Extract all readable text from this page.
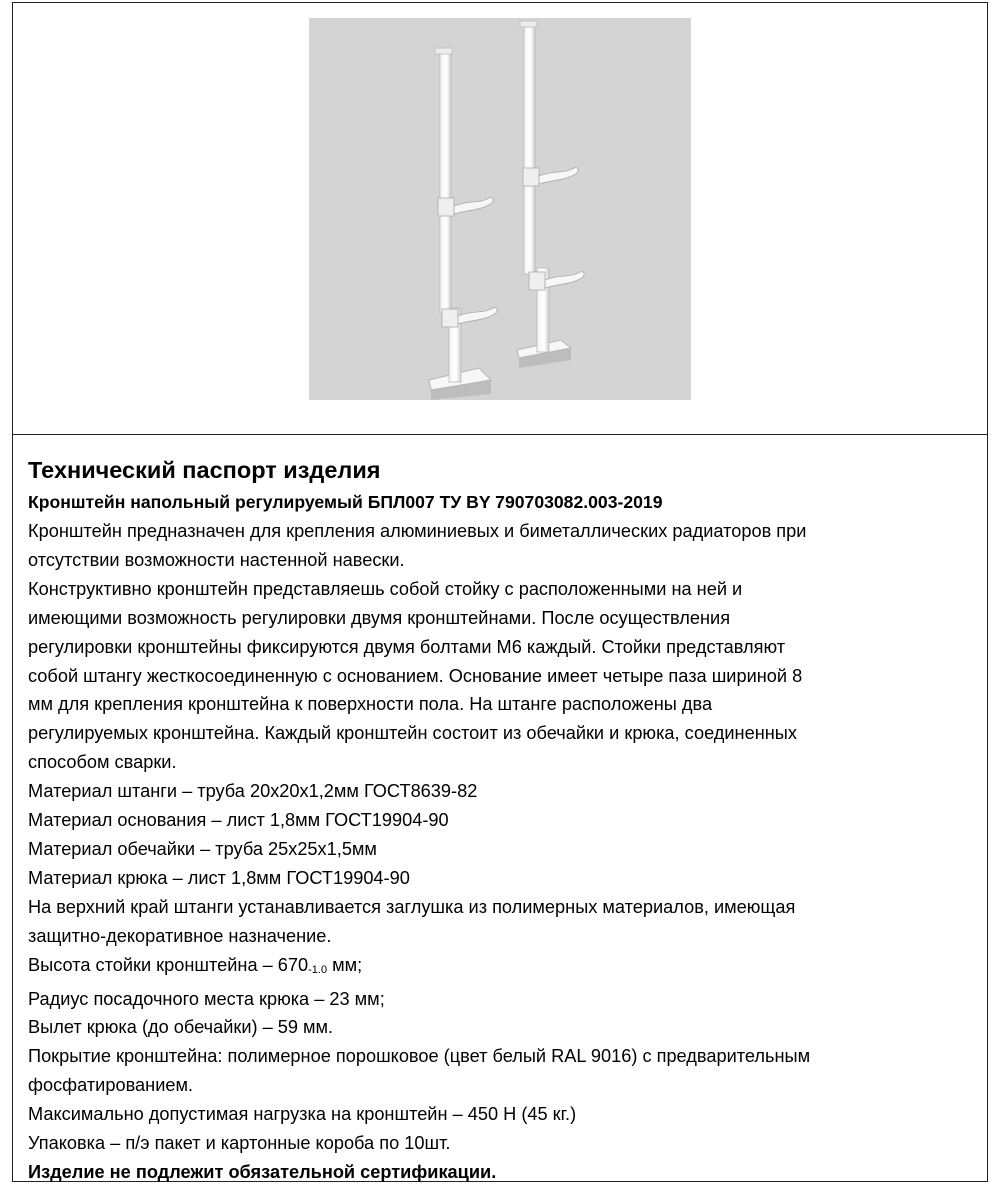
Технический паспорт изделия

Кронштейн напольный регулируемый БПЛ007 ТУ BY 790703082.003-2019

Кронштейн предназначен для крепления алюминиевых и биметаллических радиаторов при

отсутствии возможности настенной навески.

Конструктивно кронштейн представляешь собой стойку с расположенными на ней и

имеющими возможность регулировки двумя кронштейнами. После осуществления

регулировки кронштейны фиксируются двумя болтами М6 каждый. Стойки представляют

собой штангу жесткосоединенную с основанием. Основание имеет четыре паза шириной 8

мм для крепления кронштейна к поверхности пола. На штанге расположены два

регулируемых кронштейна. Каждый кронштейн состоит из обечайки и крюка, соединенных

способом сварки.

Материал штанги – труба 20х20х1,2мм ГОСТ8639-82

Материал основания – лист 1,8мм ГОСТ19904-90

Материал обечайки – труба 25х25х1,5мм

Материал крюка – лист 1,8мм ГОСТ19904-90

На верхний край штанги устанавливается заглушка из полимерных материалов, имеющая

защитно-декоративное назначение.

Высота стойки кронштейна – $670_{-1.0}$ мм;

Радиус посадочного места крюка – 23 мм;

Вылет крюка (до обечайки) – 59 мм.

Покрытие кронштейна: полимерное порошковое (цвет белый RAL 9016) с предварительным

фосфатированием.

Максимально допустимая нагрузка на кронштейн – 450 Н (45 кг.)

Упаковка – п/э пакет и картонные короба по 10шт.

Изделие не подлежит обязательной сертификации.
